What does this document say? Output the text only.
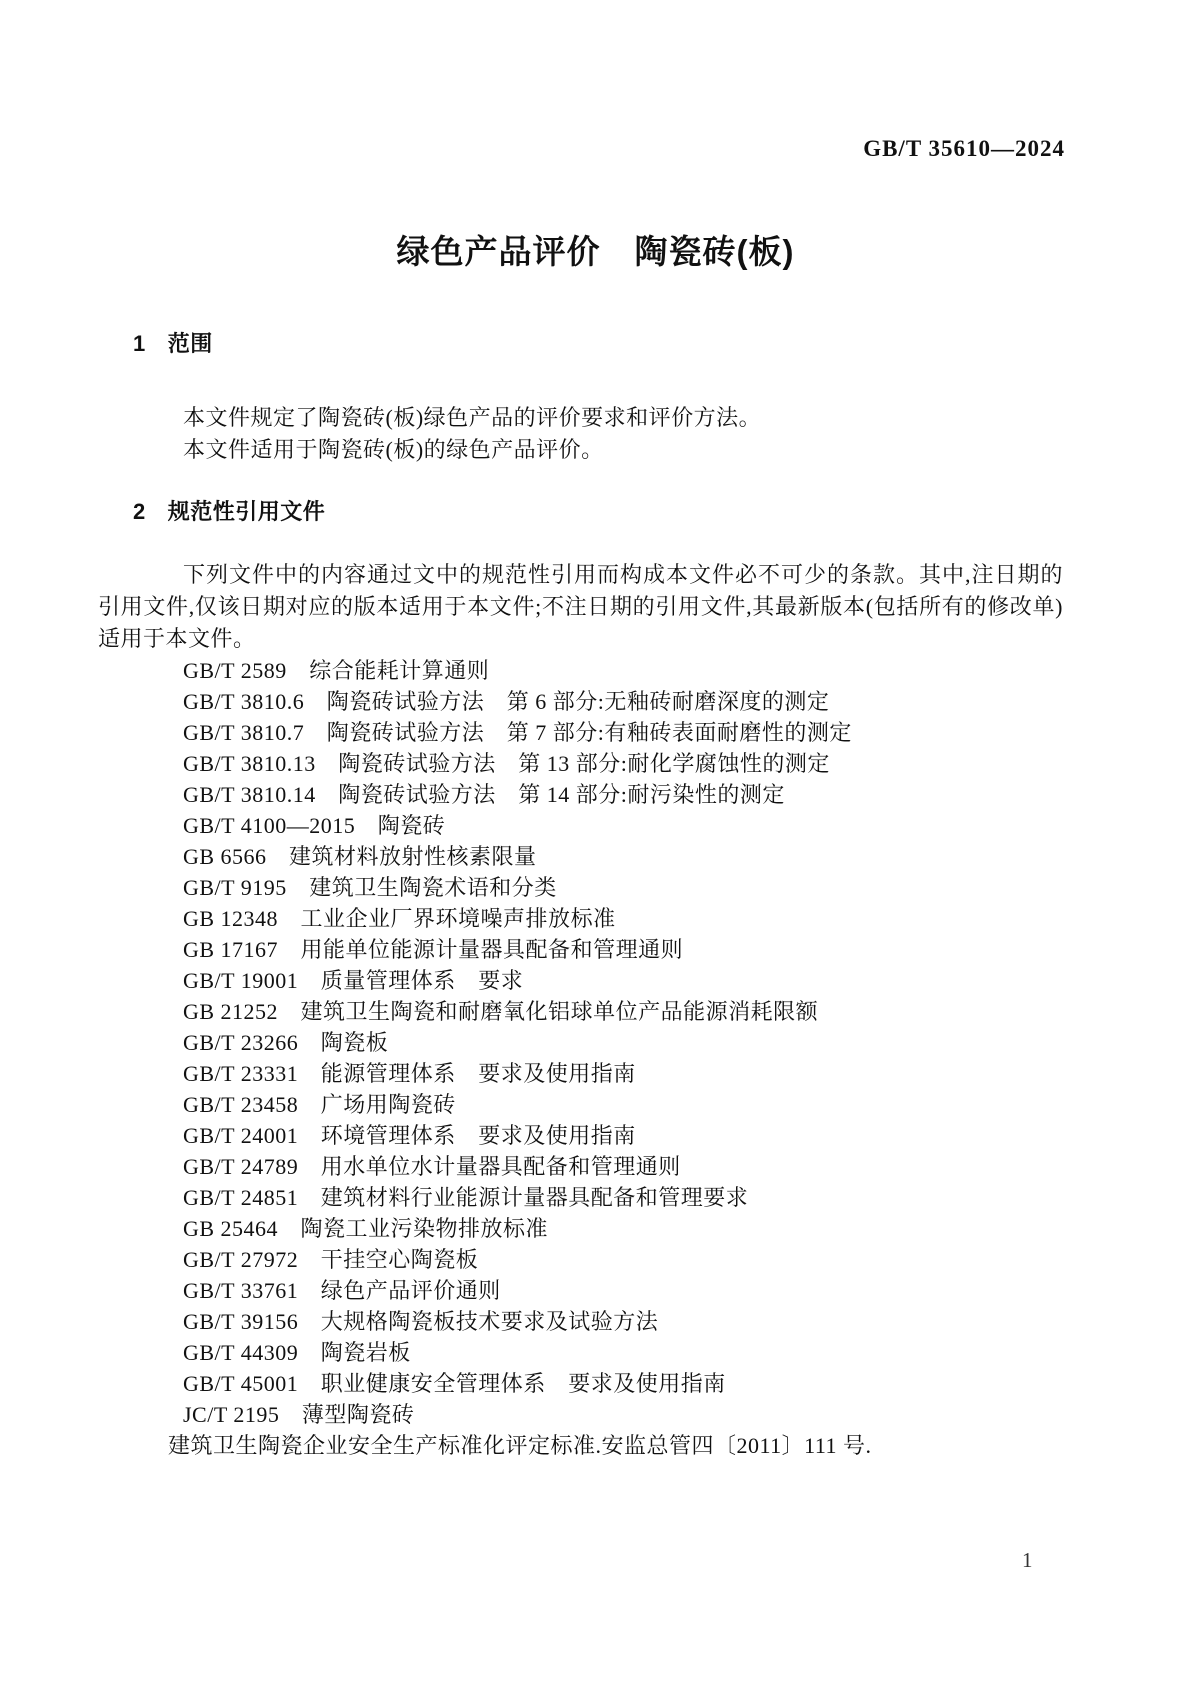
GB/T 35610—2024
绿色产品评价　陶瓷砖(板)
1 范围

本文件规定了陶瓷砖(板)绿色产品的评价要求和评价方法。

本文件适用于陶瓷砖(板)的绿色产品评价。

2 规范性引用文件

下列文件中的内容通过文中的规范性引用而构成本文件必不可少的条款。其中,注日期的引用文件,仅该日期对应的版本适用于本文件;不注日期的引用文件,其最新版本(包括所有的修改单)适用于本文件。

GB/T 2589　综合能耗计算通则
GB/T 3810.6　陶瓷砖试验方法　第 6 部分:无釉砖耐磨深度的测定
GB/T 3810.7　陶瓷砖试验方法　第 7 部分:有釉砖表面耐磨性的测定
GB/T 3810.13　陶瓷砖试验方法　第 13 部分:耐化学腐蚀性的测定
GB/T 3810.14　陶瓷砖试验方法　第 14 部分:耐污染性的测定
GB/T 4100—2015　陶瓷砖
GB 6566　建筑材料放射性核素限量
GB/T 9195　建筑卫生陶瓷术语和分类
GB 12348　工业企业厂界环境噪声排放标准
GB 17167　用能单位能源计量器具配备和管理通则
GB/T 19001　质量管理体系　要求
GB 21252　建筑卫生陶瓷和耐磨氧化铝球单位产品能源消耗限额
GB/T 23266　陶瓷板
GB/T 23331　能源管理体系　要求及使用指南
GB/T 23458　广场用陶瓷砖
GB/T 24001　环境管理体系　要求及使用指南
GB/T 24789　用水单位水计量器具配备和管理通则
GB/T 24851　建筑材料行业能源计量器具配备和管理要求
GB 25464　陶瓷工业污染物排放标准
GB/T 27972　干挂空心陶瓷板
GB/T 33761　绿色产品评价通则
GB/T 39156　大规格陶瓷板技术要求及试验方法
GB/T 44309　陶瓷岩板
GB/T 45001　职业健康安全管理体系　要求及使用指南
JC/T 2195　薄型陶瓷砖
建筑卫生陶瓷企业安全生产标准化评定标准.安监总管四〔2011〕111 号.
1
